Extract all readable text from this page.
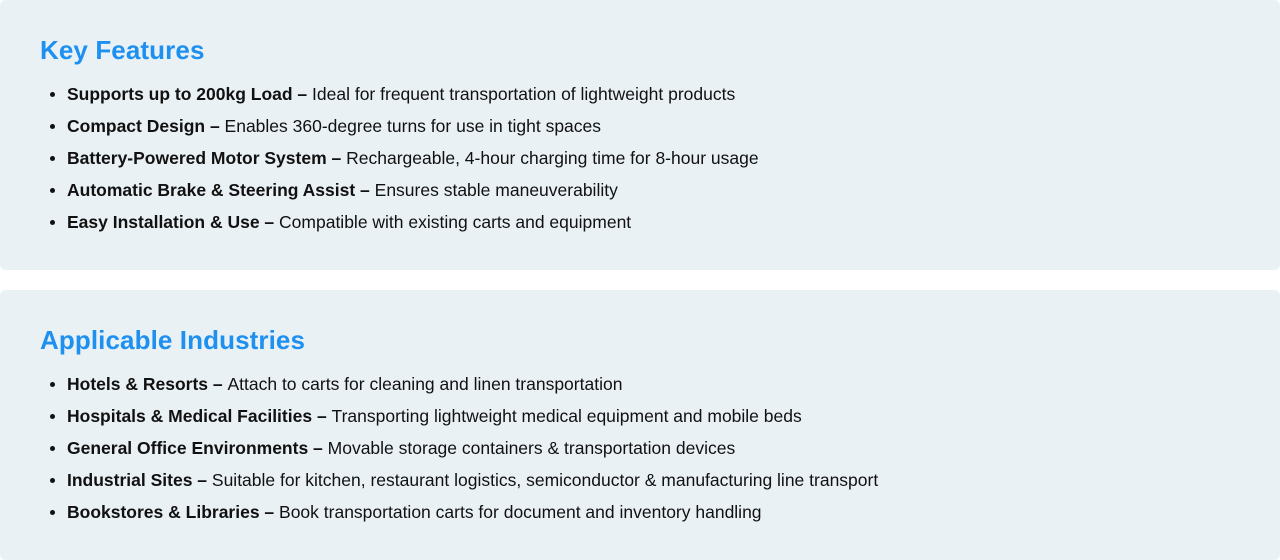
Key Features
Supports up to 200kg Load – Ideal for frequent transportation of lightweight products
Compact Design – Enables 360-degree turns for use in tight spaces
Battery-Powered Motor System – Rechargeable, 4-hour charging time for 8-hour usage
Automatic Brake & Steering Assist – Ensures stable maneuverability
Easy Installation & Use – Compatible with existing carts and equipment
Applicable Industries
Hotels & Resorts – Attach to carts for cleaning and linen transportation
Hospitals & Medical Facilities – Transporting lightweight medical equipment and mobile beds
General Office Environments – Movable storage containers & transportation devices
Industrial Sites – Suitable for kitchen, restaurant logistics, semiconductor & manufacturing line transport
Bookstores & Libraries – Book transportation carts for document and inventory handling
